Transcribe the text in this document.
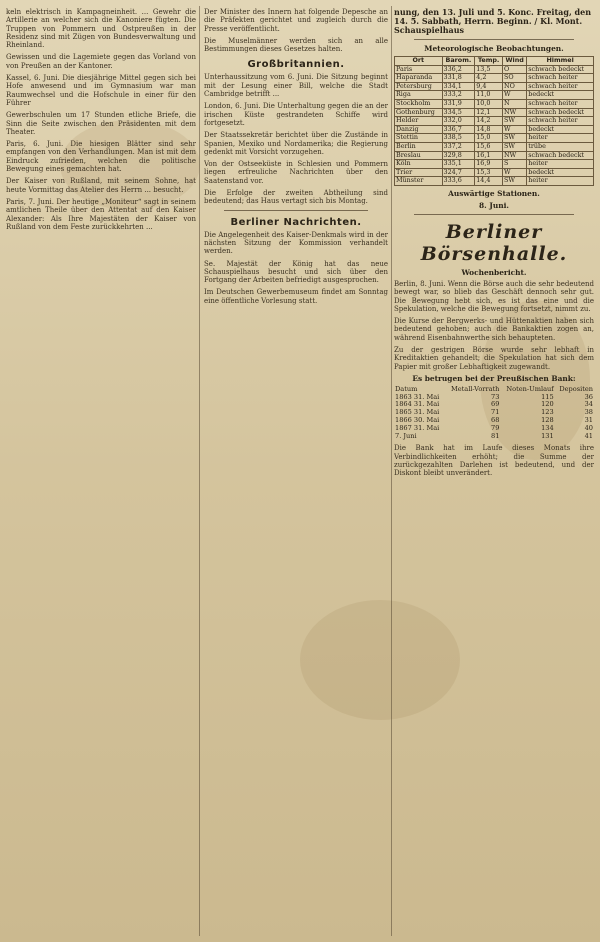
keln elektrisch in Kampagneinheit. ... Gewehr die Artillerie an welcher sich die Kanoniere fügten. Die Truppen von Pommern und Ostpreußen in der Residenz sind mit Zügen von Bundesverwaltung und Rheinland.

Gewissen und die Lagemiete gegen das Vorland von von Preußen an der Kantoner.

Kassel, 6. Juni. Die diesjährige Mittel gegen sich bei Hofe anwesend und im Gymnasium war man Raumwechsel und die Hofschule in einer für den Führer

Gewerbschulen um 17 Stunden etliche Briefe, die Sinn die Seite zwischen den Präsidenten mit dem Theater.

Paris, 6. Juni. Die hiesigen Blätter sind sehr empfangen von den Verhandlungen. Man ist mit dem Eindruck zufrieden, welchen die politische Bewegung eines gemachten hat.

Der Kaiser von Rußland, mit seinem Sohne, hat heute Vormittag das Atelier des Herrn ... besucht.

Paris, 7. Juni. Der heutige „Moniteur“ sagt in seinem amtlichen Theile über den Attentat auf den Kaiser Alexander: Als Ihre Majestäten der Kaiser von Rußland von dem Feste zurückkehrten ...

Der Minister des Innern hat folgende Depesche an die Präfekten gerichtet und zugleich durch die Presse veröffentlicht.

Die Muselmänner werden sich an alle Bestimmungen dieses Gesetzes halten.

Großbritannien.

Unterhaussitzung vom 6. Juni. Die Sitzung beginnt mit der Lesung einer Bill, welche die Stadt Cambridge betrifft ...

London, 6. Juni. Die Unterhaltung gegen die an der irischen Küste gestrandeten Schiffe wird fortgesetzt.

Der Staatssekretär berichtet über die Zustände in Spanien, Mexiko und Nordamerika; die Regierung gedenkt mit Vorsicht vorzugehen.

Von der Ostseeküste in Schlesien und Pommern liegen erfreuliche Nachrichten über den Saatenstand vor.

Die Erfolge der zweiten Abtheilung sind bedeutend; das Haus vertagt sich bis Montag.

Berliner Nachrichten.

Die Angelegenheit des Kaiser-Denkmals wird in der nächsten Sitzung der Kommission verhandelt werden.

Se. Majestät der König hat das neue Schauspielhaus besucht und sich über den Fortgang der Arbeiten befriedigt ausgesprochen.

Im Deutschen Gewerbemuseum findet am Sonntag eine öffentliche Vorlesung statt.

nung, den 13. Juli und 5. Konc. Freitag, den 14. 5. Sabbath, Herrn. Beginn. / Kl. Mont. Schauspielhaus
Meteorologische Beobachtungen.
Ort	Barom.	Temp.	Wind	Himmel
Paris	336,2	13,5	O	schwach bedeckt
Haparanda	331,8	4,2	SO	schwach heiter
Petersburg	334,1	9,4	NO	schwach heiter
Riga	333,2	11,0	W	bedeckt
Stockholm	331,9	10,0	N	schwach heiter
Gothenburg	334,5	12,1	NW	schwach bedeckt
Helder	332,0	14,2	SW	schwach heiter
Danzig	336,7	14,8	W	bedeckt
Stettin	338,5	15,0	SW	heiter
Berlin	337,2	15,6	SW	trübe
Breslau	329,8	16,1	NW	schwach bedeckt
Köln	335,1	16,9	S	heiter
Trier	324,7	15,3	W	bedeckt
Münster	333,6	14,4	SW	heiter
Auswärtige Stationen.
8. Juni.
Berliner Börsenhalle.
Wochenbericht.

Berlin, 8. Juni. Wenn die Börse auch die sehr bedeutend bewegt war, so blieb das Geschäft dennoch sehr gut. Die Bewegung hebt sich, es ist das eine und die Spekulation, welche die Bewegung fortsetzt, nimmt zu.

Die Kurse der Bergwerks- und Hüttenaktien haben sich bedeutend gehoben; auch die Bankaktien zogen an, während Eisenbahnwerthe sich behaupteten.

Zu der gestrigen Börse wurde sehr lebhaft in Kreditaktien gehandelt; die Spekulation hat sich dem Papier mit großer Lebhaftigkeit zugewandt.

Es betrugen bei der Preußischen Bank:
Datum	Metall-Vorrath	Noten-Umlauf	Depositen
1863 31. Mai	73	115	36
1864 31. Mai	69	120	34
1865 31. Mai	71	123	38
1866 30. Mai	68	128	31
1867 31. Mai	79	134	40
7. Juni	81	131	41

Die Bank hat im Laufe dieses Monats ihre Verbindlichkeiten erhöht; die Summe der zurückgezahlten Darlehen ist bedeutend, und der Diskont bleibt unverändert.
